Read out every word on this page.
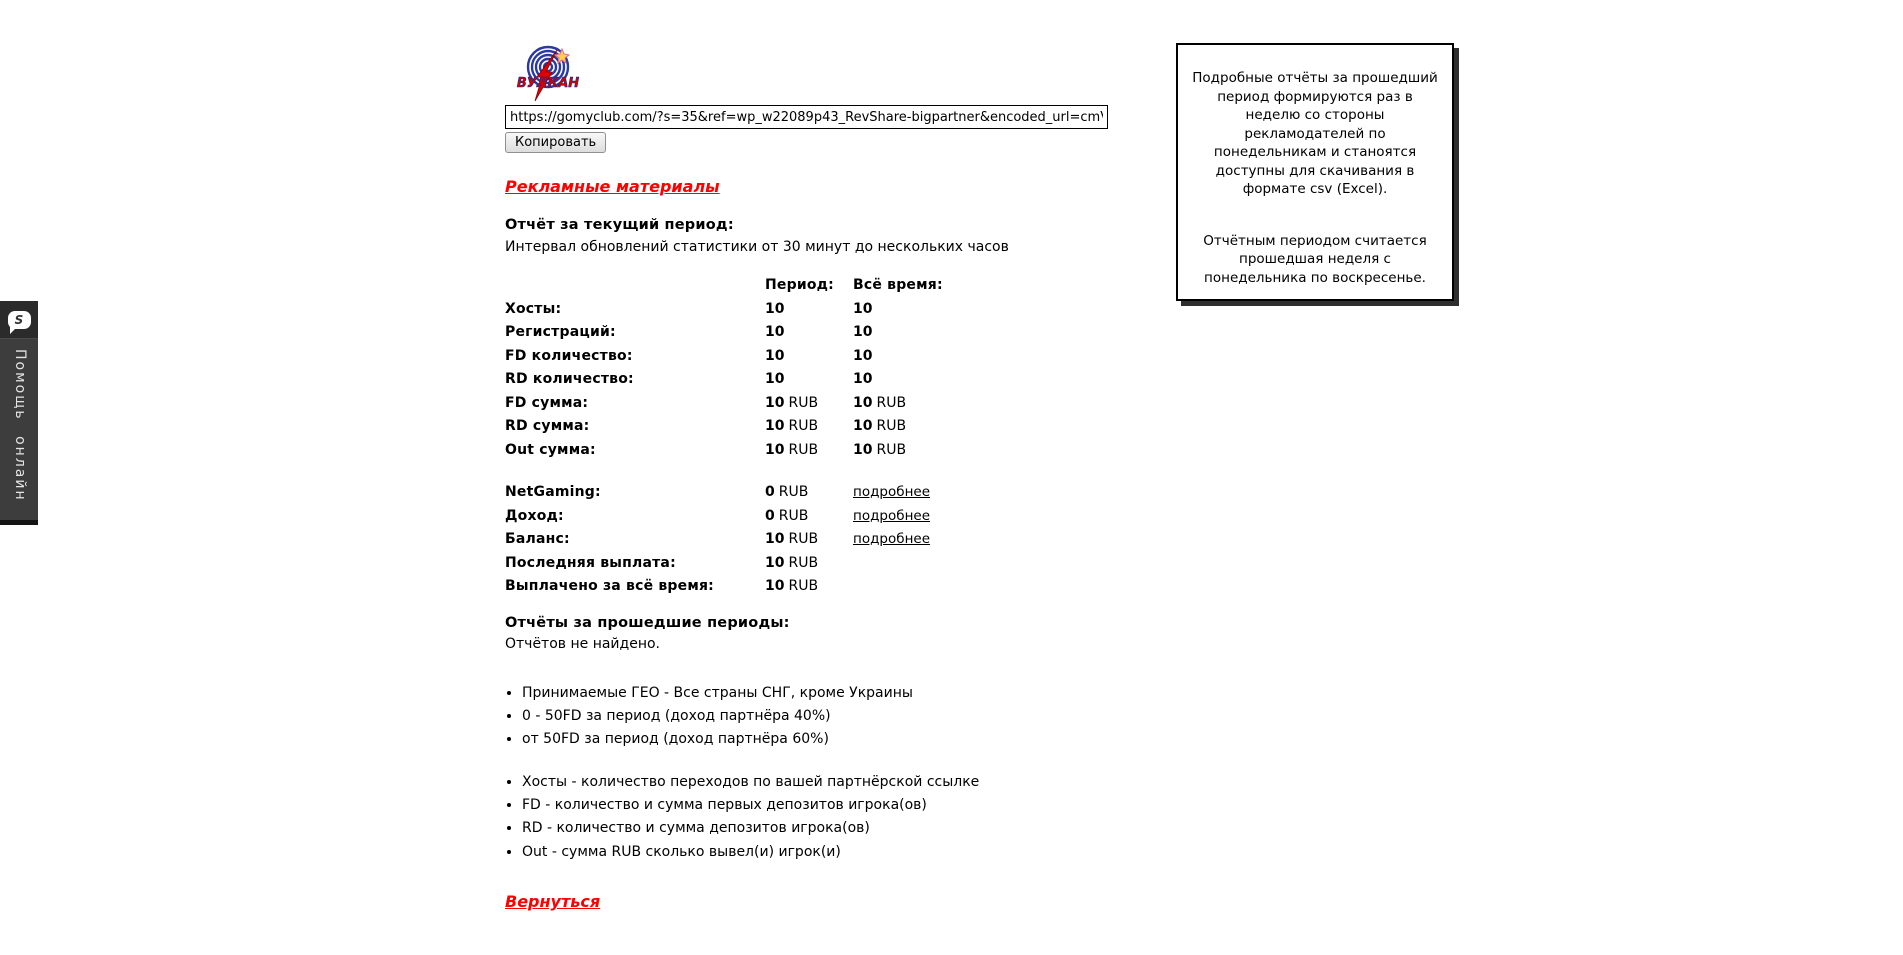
ВУЛКАН
https://gomyclub.com/?s=35&ref=wp_w22089p43_RevShare-bigpartner&encoded_url=cmVnaXN0
Копировать
Рекламные материалы
Отчёт за текущий период:
Интервал обновлений статистики от 30 минут до нескольких часов
Период:	Всё время:
Хосты:	10	10
Регистраций:	10	10
FD количество:	10	10
RD количество:	10	10
FD сумма:	10 RUB	10 RUB
RD сумма:	10 RUB	10 RUB
Out сумма:	10 RUB	10 RUB
NetGaming:	0 RUB	подробнее
Доход:	0 RUB	подробнее
Баланс:	10 RUB	подробнее
Последняя выплата:	10 RUB
Выплачено за всё время:	10 RUB
Отчёты за прошедшие периоды:
Отчётов не найдено.
• Принимаемые ГЕО - Все страны СНГ, кроме Украины
• 0 - 50FD за период (доход партнёра 40%)
• от 50FD за период (доход партнёра 60%)
• Хосты - количество переходов по вашей партнёрской ссылке
• FD - количество и сумма первых депозитов игрока(ов)
• RD - количество и сумма депозитов игрока(ов)
• Out - сумма RUB сколько вывел(и) игрок(и)
Вернуться
Подробные отчёты за прошедший период формируются раз в неделю со стороны рекламодателей по понедельникам и станоятся доступны для скачивания в формате csv (Excel).
Отчётным периодом считается прошедшая неделя с понедельника по воскресенье.
S
Помощь онлайн
